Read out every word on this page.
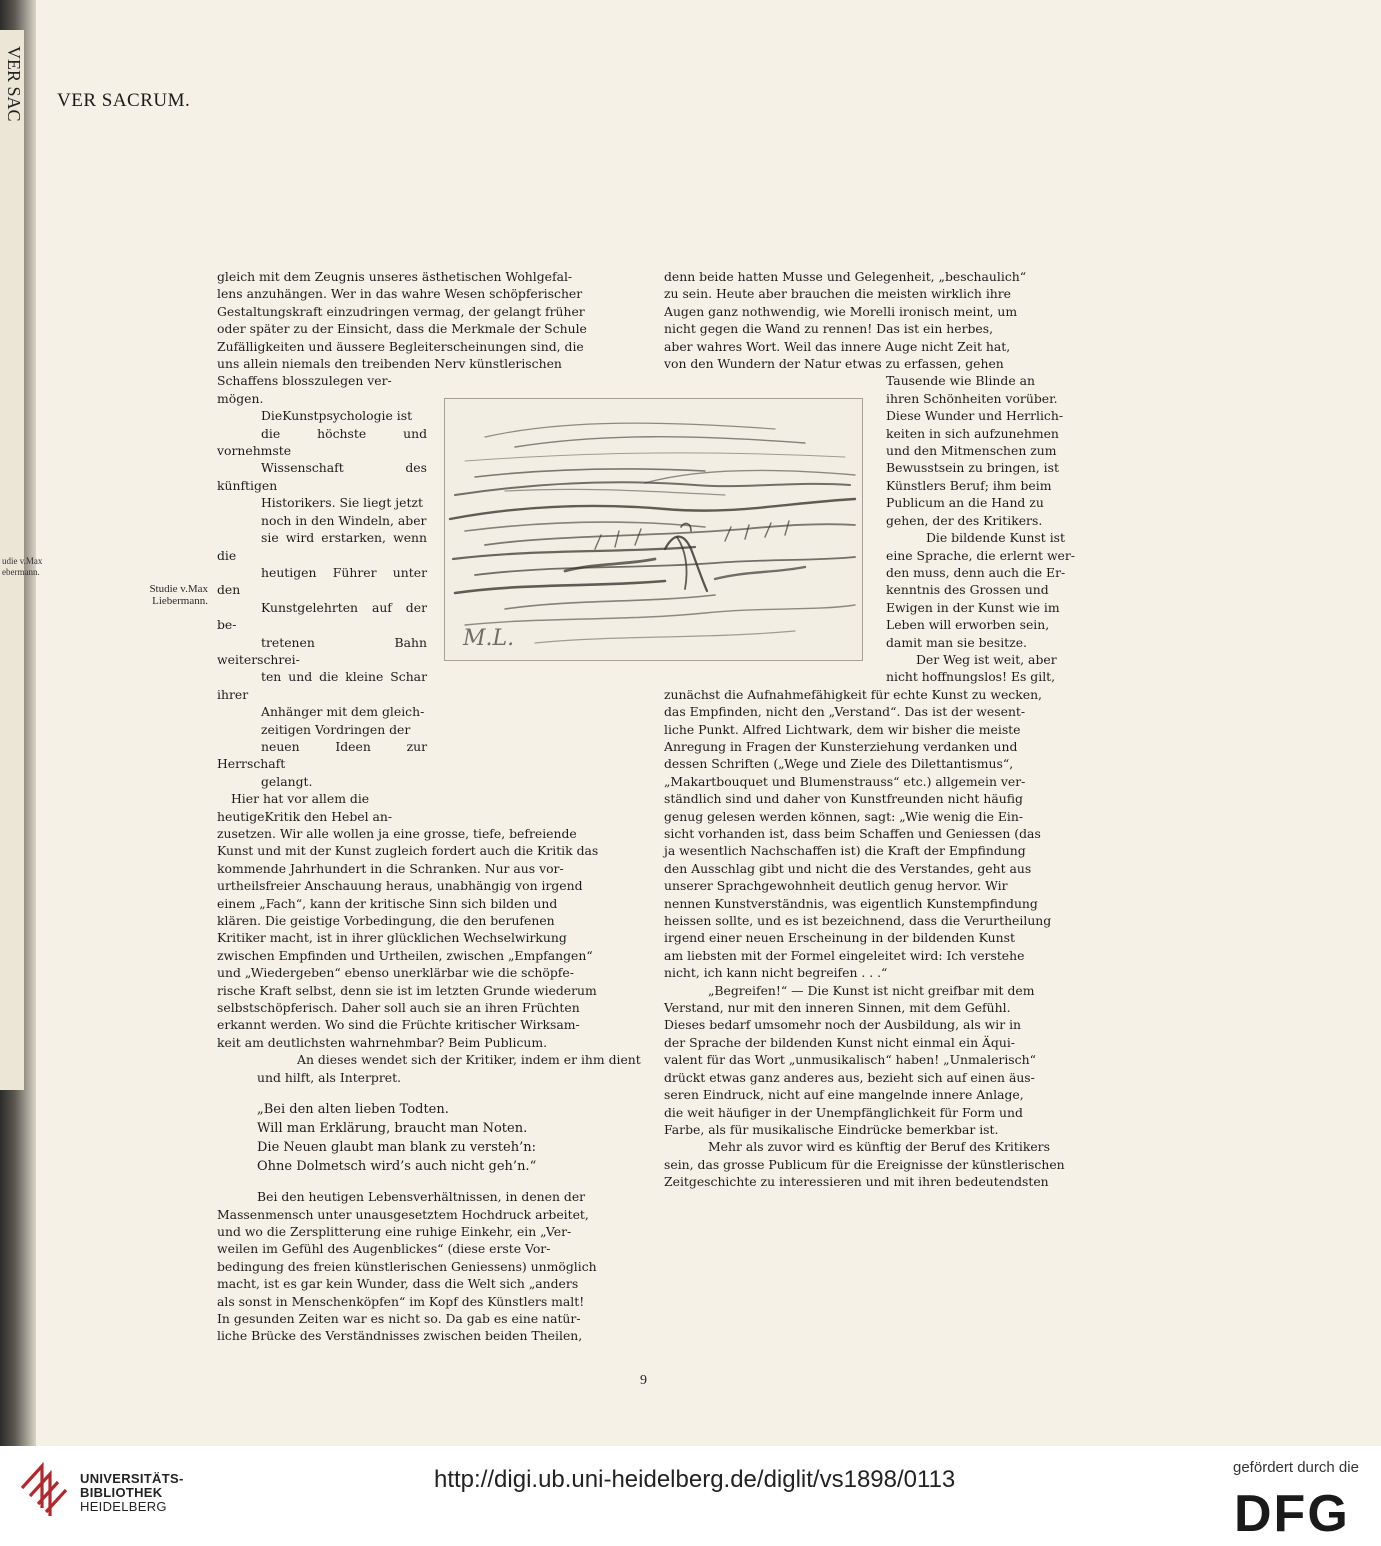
VER SAC
udie v.Max
ebermann.
VER SACRUM.
Studie v.Max
Liebermann.
M.L.

gleich mit dem Zeugnis unseres ästhetischen Wohlgefal-
lens anzuhängen. Wer in das wahre Wesen schöpferischer
Gestaltungskraft einzudringen vermag, der gelangt früher
oder später zu der Einsicht, dass die Merkmale der Schule
Zufälligkeiten und äussere Begleiterscheinungen sind, die
uns allein niemals den treibenden Nerv künstlerischen

Schaffens blosszulegen ver-
mögen.

DieKunstpsychologie ist
die höchste und vornehmste
Wissenschaft des künftigen
Historikers. Sie liegt jetzt
noch in den Windeln, aber
sie wird erstarken, wenn die
heutigen Führer unter den
Kunstgelehrten auf der be-
tretenen Bahn weiterschrei-
ten und die kleine Schar ihrer
Anhänger mit dem gleich-
zeitigen Vordringen der
neuen Ideen zur Herrschaft
gelangt.

Hier hat vor allem die
heutigeKritik den Hebel an-

zusetzen. Wir alle wollen ja eine grosse, tiefe, befreiende
Kunst und mit der Kunst zugleich fordert auch die Kritik das
kommende Jahrhundert in die Schranken. Nur aus vor-
urtheilsfreier Anschauung heraus, unabhängig von irgend
einem „Fach“, kann der kritische Sinn sich bilden und
klären. Die geistige Vorbedingung, die den berufenen
Kritiker macht, ist in ihrer glücklichen Wechselwirkung
zwischen Empfinden und Urtheilen, zwischen „Empfangen“
und „Wiedergeben“ ebenso unerklärbar wie die schöpfe-
rische Kraft selbst, denn sie ist im letzten Grunde wiederum
selbstschöpferisch. Daher soll auch sie an ihren Früchten
erkannt werden. Wo sind die Früchte kritischer Wirksam-
keit am deutlichsten wahrnehmbar? Beim Publicum.

An dieses wendet sich der Kritiker, indem er ihm dient
und hilft, als Interpret.

„Bei den alten lieben Todten.
Will man Erklärung, braucht man Noten.
Die Neuen glaubt man blank zu versteh’n:
Ohne Dolmetsch wird’s auch nicht geh’n.“

Bei den heutigen Lebensverhältnissen, in denen der
Massenmensch unter unausgesetztem Hochdruck arbeitet,
und wo die Zersplitterung eine ruhige Einkehr, ein „Ver-
weilen im Gefühl des Augenblickes“ (diese erste Vor-
bedingung des freien künstlerischen Geniessens) unmöglich
macht, ist es gar kein Wunder, dass die Welt sich „anders
als sonst in Menschenköpfen“ im Kopf des Künstlers malt!
In gesunden Zeiten war es nicht so. Da gab es eine natür-
liche Brücke des Verständnisses zwischen beiden Theilen,

denn beide hatten Musse und Gelegenheit, „beschaulich“
zu sein. Heute aber brauchen die meisten wirklich ihre
Augen ganz nothwendig, wie Morelli ironisch meint, um
nicht gegen die Wand zu rennen! Das ist ein herbes,
aber wahres Wort. Weil das innere Auge nicht Zeit hat,
von den Wundern der Natur etwas zu erfassen, gehen

Tausende wie Blinde an
ihren Schönheiten vorüber.
Diese Wunder und Herrlich-
keiten in sich aufzunehmen
und den Mitmenschen zum
Bewusstsein zu bringen, ist
Künstlers Beruf; ihm beim
Publicum an die Hand zu
gehen, der des Kritikers.

Die bildende Kunst ist
eine Sprache, die erlernt wer-
den muss, denn auch die Er-
kenntnis des Grossen und
Ewigen in der Kunst wie im
Leben will erworben sein,
damit man sie besitze.

Der Weg ist weit, aber
nicht hoffnungslos! Es gilt,

zunächst die Aufnahmefähigkeit für echte Kunst zu wecken,
das Empfinden, nicht den „Verstand“. Das ist der wesent-
liche Punkt. Alfred Lichtwark, dem wir bisher die meiste
Anregung in Fragen der Kunsterziehung verdanken und
dessen Schriften („Wege und Ziele des Dilettantismus“,
„Makartbouquet und Blumenstrauss“ etc.) allgemein ver-
ständlich sind und daher von Kunstfreunden nicht häufig
genug gelesen werden können, sagt: „Wie wenig die Ein-
sicht vorhanden ist, dass beim Schaffen und Geniessen (das
ja wesentlich Nachschaffen ist) die Kraft der Empfindung
den Ausschlag gibt und nicht die des Verstandes, geht aus
unserer Sprachgewohnheit deutlich genug hervor. Wir
nennen Kunstverständnis, was eigentlich Kunstempfindung
heissen sollte, und es ist bezeichnend, dass die Verurtheilung
irgend einer neuen Erscheinung in der bildenden Kunst
am liebsten mit der Formel eingeleitet wird: Ich verstehe
nicht, ich kann nicht begreifen . . .“

„Begreifen!“ — Die Kunst ist nicht greifbar mit dem
Verstand, nur mit den inneren Sinnen, mit dem Gefühl.
Dieses bedarf umsomehr noch der Ausbildung, als wir in
der Sprache der bildenden Kunst nicht einmal ein Äqui-
valent für das Wort „unmusikalisch“ haben! „Unmalerisch“
drückt etwas ganz anderes aus, bezieht sich auf einen äus-
seren Eindruck, nicht auf eine mangelnde innere Anlage,
die weit häufiger in der Unempfänglichkeit für Form und
Farbe, als für musikalische Eindrücke bemerkbar ist.

Mehr als zuvor wird es künftig der Beruf des Kritikers
sein, das grosse Publicum für die Ereignisse der künstlerischen
Zeitgeschichte zu interessieren und mit ihren bedeutendsten

9
UNIVERSITÄTS-
BIBLIOTHEK
HEIDELBERG
http://digi.ub.uni-heidelberg.de/diglit/vs1898/0113	gefördert durch die
DFG
